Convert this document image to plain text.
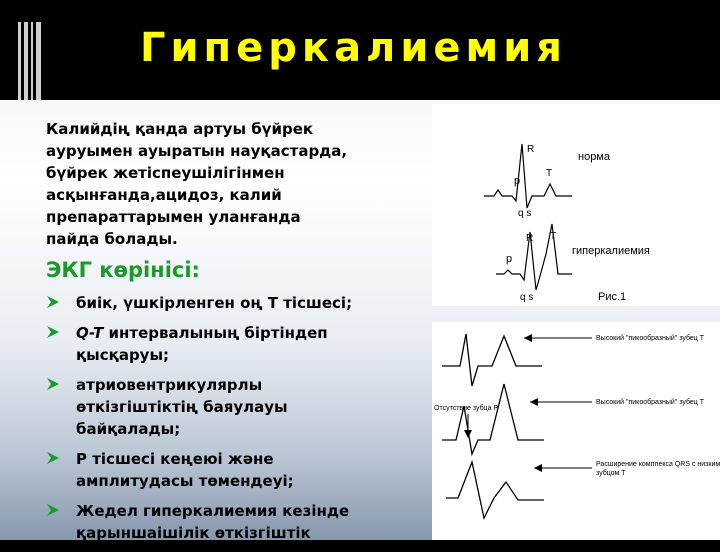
Гиперкалиемия
Калийдің қанда артуы бүйрек
ауруымен ауыратын науқастарда,
бүйрек жетіспеушілігінмен
асқынғанда,ацидоз, калий
препараттарымен уланғанда
пайда болады.
ЭКГ көрінісі:
биік, үшкірленген оң Т тісшесі;
Q-T интервалының біртіндеп
қысқаруы;
атриовентрикулярлы
өткізгіштіктің баяулауы
байқалады;
Р тісшесі кеңеюі және
амплитудасы төмендеуі;
Жедел гиперкалиемия кезінде
қарыншаішілік өткізгіштік
R
T
p
q s
норма
R T
p
q s
гиперкалиемия
Рис.1
Высокий "пикообразный" зубец Т
Отсутствие зубца Р
Высокий "пикообразный" зубец Т
Расширение комплекса QRS с низким
зубцом Т
